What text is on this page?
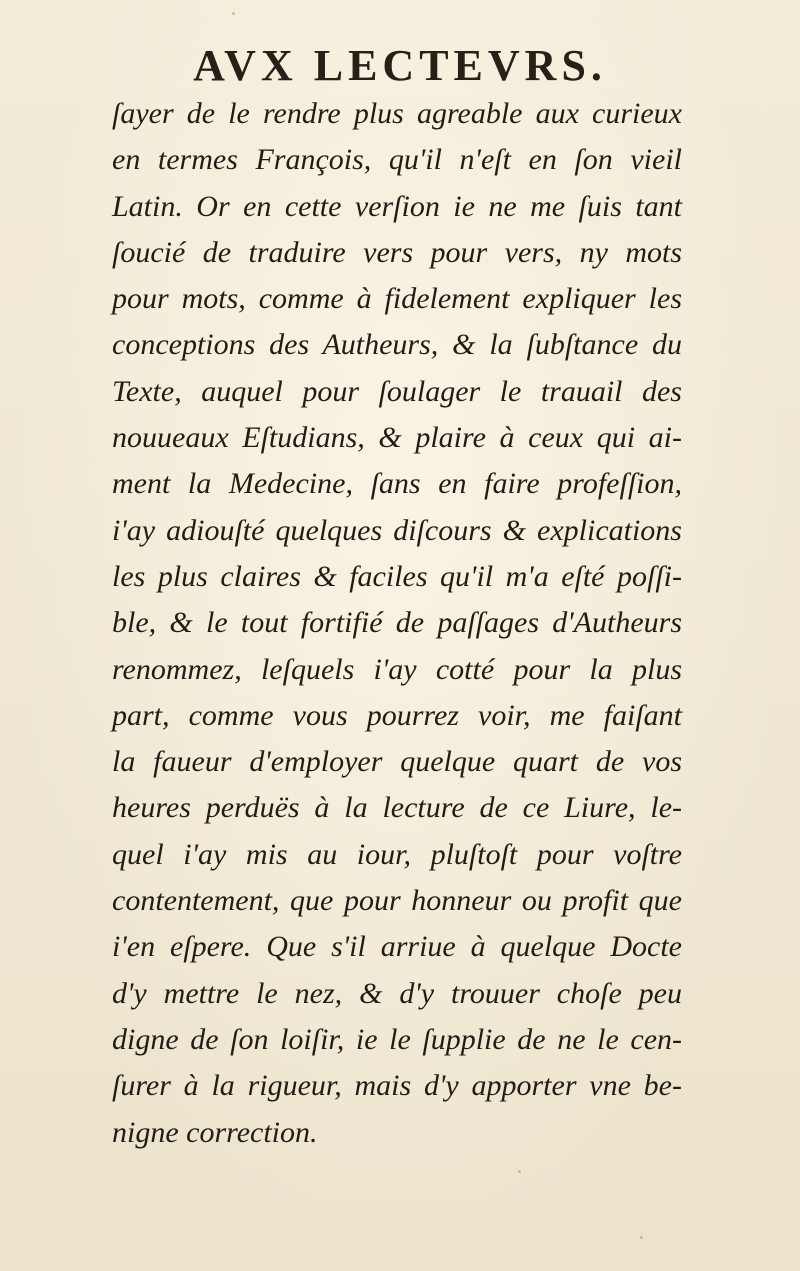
AVX LECTEVRS.
ſayer de le rendre plus agreable aux curieux
en termes François, qu'il n'eſt en ſon vieil
Latin. Or en cette verſion ie ne me ſuis tant
ſoucié de traduire vers pour vers, ny mots
pour mots, comme à fidelement expliquer les
conceptions des Autheurs, & la ſubſtance du
Texte, auquel pour ſoulager le trauail des
nouueaux Eſtudians, & plaire à ceux qui ai-
ment la Medecine, ſans en faire profeſſion,
i'ay adiouſté quelques diſcours & explications
les plus claires & faciles qu'il m'a eſté poſſi-
ble, & le tout fortifié de paſſages d'Autheurs
renommez, leſquels i'ay cotté pour la plus
part, comme vous pourrez voir, me faiſant
la faueur d'employer quelque quart de vos
heures perduës à la lecture de ce Liure, le-
quel i'ay mis au iour, pluſtoſt pour voſtre
contentement, que pour honneur ou profit que
i'en eſpere. Que s'il arriue à quelque Docte
d'y mettre le nez, & d'y trouuer choſe peu
digne de ſon loiſir, ie le ſupplie de ne le cen-
ſurer à la rigueur, mais d'y apporter vne be-
nigne correction.
